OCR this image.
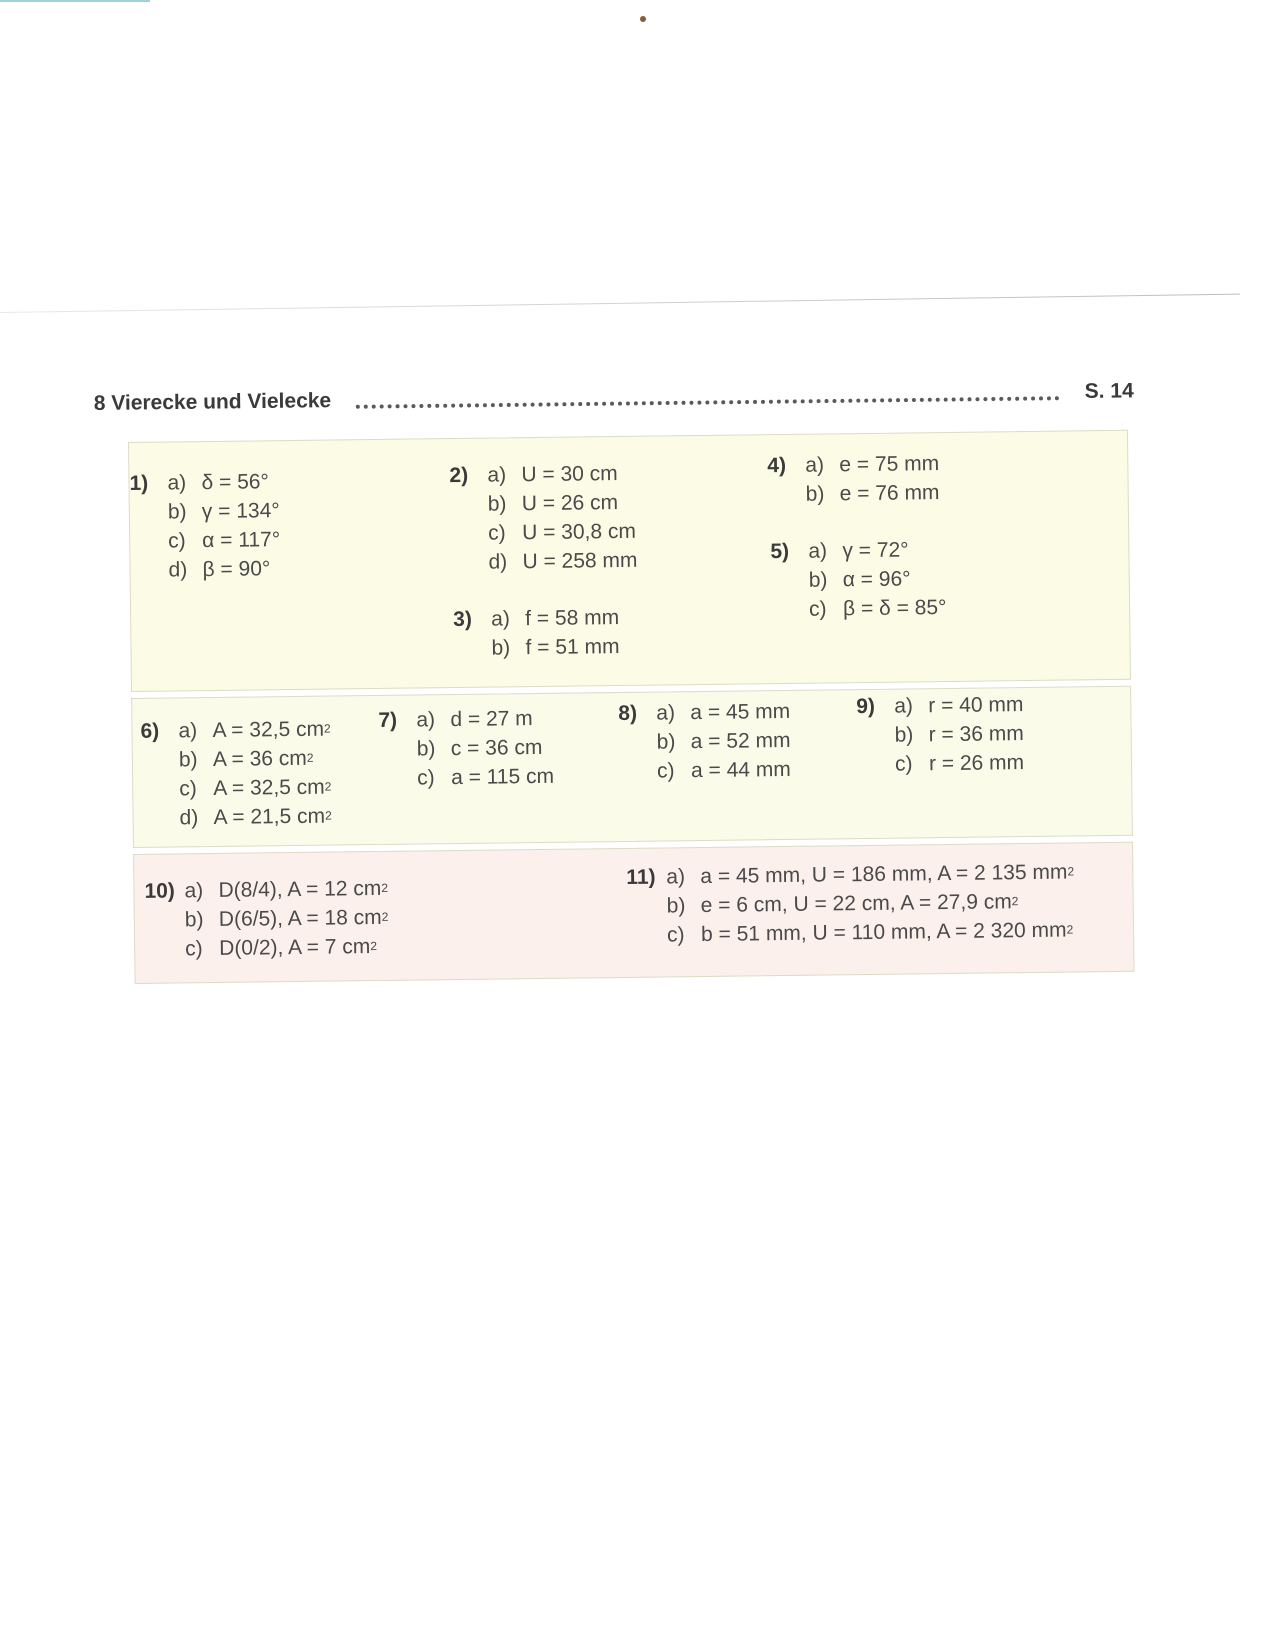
8 Vierecke und Vielecke	S. 14
1) a) δ = 56°
b) γ = 134°
c) α = 117°
d) β = 90°
2) a) U = 30 cm
b) U = 26 cm
c) U = 30,8 cm
d) U = 258 mm
3) a) f = 58 mm
b) f = 51 mm
4) a) e = 75 mm
b) e = 76 mm
5) a) γ = 72°
b) α = 96°
c) β = δ = 85°
6) a) A = 32,5 cm 2
b) A = 36 cm 2
c) A = 32,5 cm 2
d) A = 21,5 cm 2
7) a) d = 27 m
b) c = 36 cm
c) a = 115 cm
8) a) a = 45 mm
b) a = 52 mm
c) a = 44 mm
9) a) r = 40 mm
b) r = 36 mm
c) r = 26 mm
10) a) D(8/4), A = 12 cm 2
b) D(6/5), A = 18 cm 2
c) D(0/2), A = 7 cm 2
11) a) a = 45 mm, U = 186 mm, A = 2 135 mm 2
b) e = 6 cm, U = 22 cm, A = 27,9 cm 2
c) b = 51 mm, U = 110 mm, A = 2 320 mm 2
